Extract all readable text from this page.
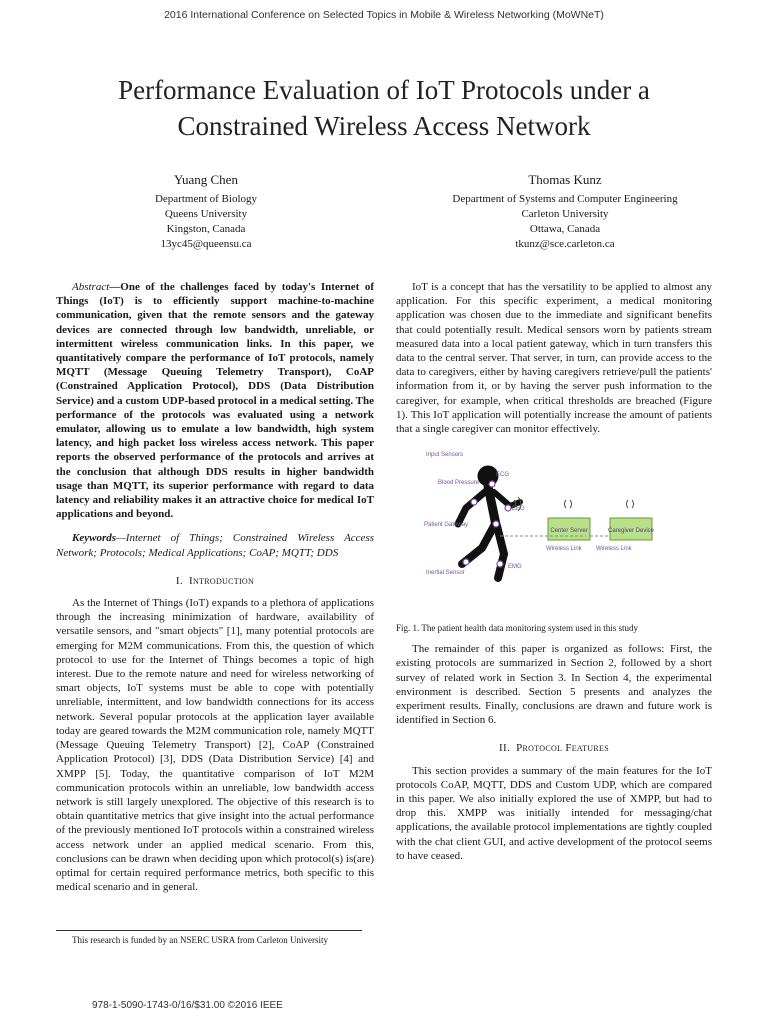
2016 International Conference on Selected Topics in Mobile & Wireless Networking (MoWNeT)
Performance Evaluation of IoT Protocols under a
Constrained Wireless Access Network
Yuang Chen
Department of Biology
Queens University
Kingston, Canada
13yc45@queensu.ca
Thomas Kunz
Department of Systems and Computer Engineering
Carleton University
Ottawa, Canada
tkunz@sce.carleton.ca

Abstract—One of the challenges faced by today's Internet of Things (IoT) is to efficiently support machine-to-machine communication, given that the remote sensors and the gateway devices are connected through low bandwidth, unreliable, or intermittent wireless communication links. In this paper, we quantitatively compare the performance of IoT protocols, namely MQTT (Message Queuing Telemetry Transport), CoAP (Constrained Application Protocol), DDS (Data Distribution Service) and a custom UDP-based protocol in a medical setting. The performance of the protocols was evaluated using a network emulator, allowing us to emulate a low bandwidth, high system latency, and high packet loss wireless access network. This paper reports the observed performance of the protocols and arrives at the conclusion that although DDS results in higher bandwidth usage than MQTT, its superior performance with regard to data latency and reliability makes it an attractive choice for medical IoT applications and beyond.

Keywords—Internet of Things; Constrained Wireless Access Network; Protocols; Medical Applications; CoAP; MQTT; DDS

I. Introduction

As the Internet of Things (IoT) expands to a plethora of applications through the increasing minimization of hardware, availability of versatile sensors, and "smart objects" [1], many potential protocols are emerging for M2M communications. From this, the question of which protocol to use for the Internet of Things becomes a topic of high interest. Due to the remote nature and need for wireless networking of smart objects, IoT systems must be able to cope with potentially unreliable, intermittent, and low bandwidth connections for its access network. Several popular protocols at the application layer available today are geared towards the M2M communication role, namely MQTT (Message Queuing Telemetry Transport) [2], CoAP (Constrained Application Protocol) [3], DDS (Data Distribution Service) [4] and XMPP [5]. Today, the quantitative comparison of IoT M2M communication protocols within an unreliable, low bandwidth access network is still largely unexplored. The objective of this research is to obtain quantitative metrics that give insight into the actual performance of the previously mentioned IoT protocols within a constrained wireless access network under an applied medical scenario. From this, conclusions can be drawn when deciding upon which protocol(s) is(are) optimal for certain required performance metrics, both specific to this medical scenario and in general.

IoT is a concept that has the versatility to be applied to almost any application. For this specific experiment, a medical monitoring application was chosen due to the immediate and significant benefits that could potentially result. Medical sensors worn by patients stream measured data into a local patient gateway, which in turn transfers this data to the central server. That server, in turn, can provide access to the data to caregivers, either by having caregivers retrieve/pull the patients' information from it, or by having the server push information to the caregiver, for example, when critical thresholds are breached (Figure 1). This IoT application will potentially increase the amount of patients that a single caregiver can monitor effectively.

Input Sensors
ECG
Blood Pressure
EEG
Patient Gateway
Inertial Sensor
EMG
Center Server	Caregiver Device
Wireless Link Wireless Link
Fig. 1. The patient health data monitoring system used in this study

The remainder of this paper is organized as follows: First, the existing protocols are summarized in Section 2, followed by a short survey of related work in Section 3. In Section 4, the experimental environment is described. Section 5 presents and analyzes the experiment results. Finally, conclusions are drawn and future work is identified in Section 6.

II. Protocol Features

This section provides a summary of the main features for the IoT protocols CoAP, MQTT, DDS and Custom UDP, which are compared in this paper. We also initially explored the use of XMPP, but had to drop this. XMPP was initially intended for messaging/chat applications, the available protocol implementations are tightly coupled with the chat client GUI, and active development of the protocol seems to have ceased.

This research is funded by an NSERC USRA from Carleton University
978-1-5090-1743-0/16/$31.00 ©2016 IEEE
